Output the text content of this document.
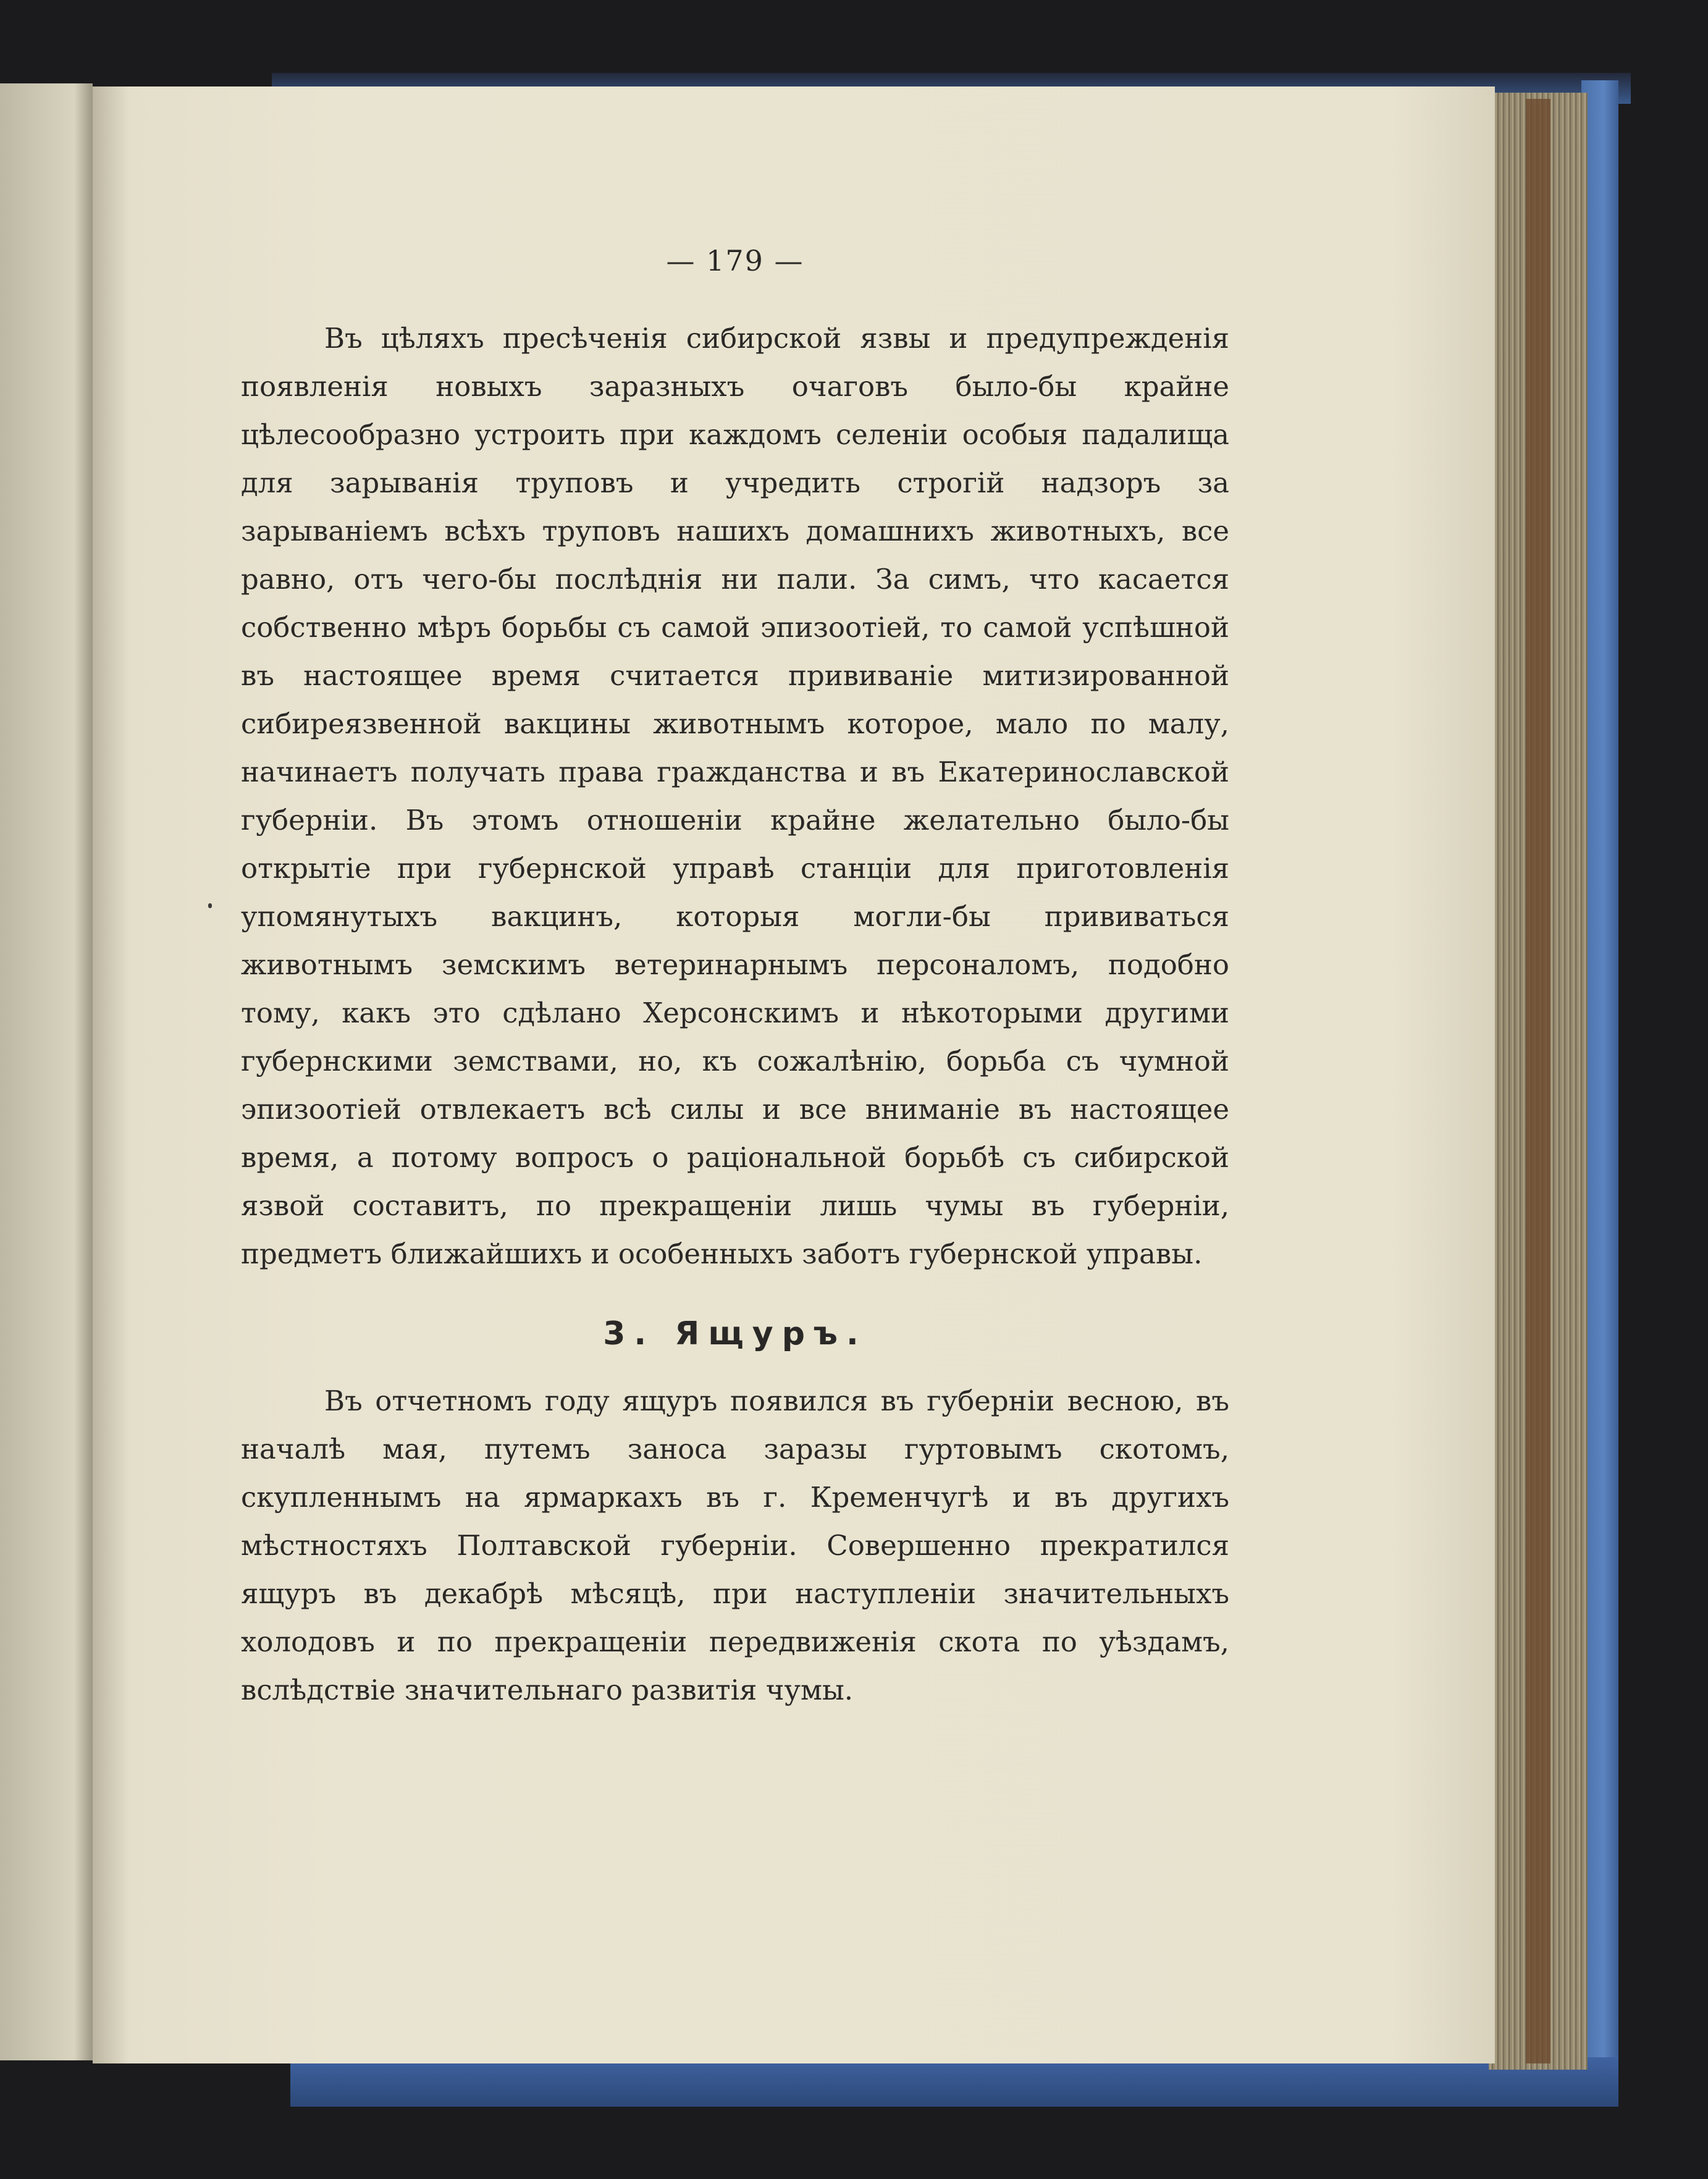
— 179 —

Въ цѣляхъ пресѣченія сибирской язвы и предупрежденія появленія новыхъ заразныхъ очаговъ было-бы крайне цѣлесообразно устроить при каждомъ селеніи особыя падалища для зарыванія труповъ и учредить строгій надзоръ за зарываніемъ всѣхъ труповъ нашихъ домашнихъ животныхъ, все равно, отъ чего-бы послѣднія ни пали. За симъ, что касается собственно мѣръ борьбы съ самой эпизоотіей, то самой успѣшной въ настоящее время считается прививаніе митизированной сибиреязвенной вакцины животнымъ которое, мало по малу, начинаетъ получать права гражданства и въ Екатеринославской губерніи. Въ этомъ отношеніи крайне желательно было-бы открытіе при губернской управѣ станціи для приготовленія упомянутыхъ вакцинъ, которыя могли-бы прививаться животнымъ земскимъ ветеринарнымъ персоналомъ, подобно тому, какъ это сдѣлано Херсонскимъ и нѣкоторыми другими губернскими земствами, но, къ сожалѣнію, борьба съ чумной эпизоотіей отвлекаетъ всѣ силы и все вниманіе въ настоящее время, а потому вопросъ о раціональной борьбѣ съ сибирской язвой составитъ, по прекращеніи лишь чумы въ губерніи, предметъ ближайшихъ и особенныхъ заботъ губернской управы.

3. Ящуръ.

Въ отчетномъ году ящуръ появился въ губерніи весною, въ началѣ мая, путемъ заноса заразы гуртовымъ скотомъ, скупленнымъ на ярмаркахъ въ г. Кременчугѣ и въ другихъ мѣстностяхъ Полтавской губерніи. Совершенно прекратился ящуръ въ декабрѣ мѣсяцѣ, при наступленіи значительныхъ холодовъ и по прекращеніи передвиженія скота по уѣздамъ, вслѣдствіе значительнаго развитія чумы.
